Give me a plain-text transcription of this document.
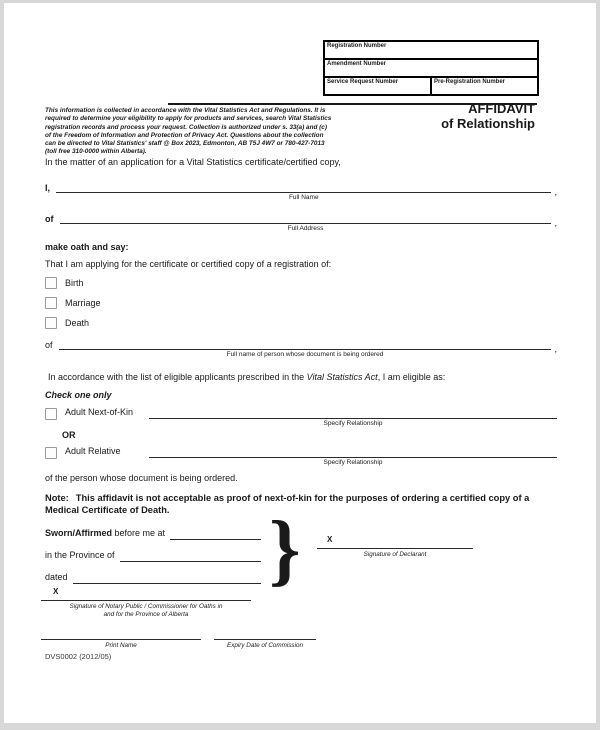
Registration Number
Amendment Number
Service Request Number	Pre-Registration Number
This information is collected in accordance with the Vital Statistics Act and Regulations. It is required to determine your eligibility to apply for products and services, search Vital Statistics registration records and process your request. Collection is authorized under s. 33(a) and (c) of the Freedom of Information and Protection of Privacy Act. Questions about the collection can be directed to Vital Statistics' staff @ Box 2023, Edmonton, AB T5J 4W7 or 780-427-7013 (toll free 310-0000 within Alberta).
AFFIDAVIT
of Relationship
In the matter of an application for a Vital Statistics certificate/certified copy,
I,
Full Name
,
of
Full Address
,
make oath and say:
That I am applying for the certificate or certified copy of a registration of:
Birth
Marriage
Death
of
Full name of person whose document is being ordered
,
In accordance with the list of eligible applicants prescribed in the Vital Statistics Act, I am eligible as:
Check one only
Adult Next-of-Kin
Specify Relationship
OR
Adult Relative
Specify Relationship
of the person whose document is being ordered.
Note: This affidavit is not acceptable as proof of next-of-kin for the purposes of ordering a certified copy of a Medical Certificate of Death.
Sworn/Affirmed before me at
in the Province of
dated	}	X
Signature of Declarant
X
Signature of Notary Public / Commissioner for Oaths in
and for the Province of Alberta
Print Name	Expiry Date of Commission
DVS0002 (2012/05)
